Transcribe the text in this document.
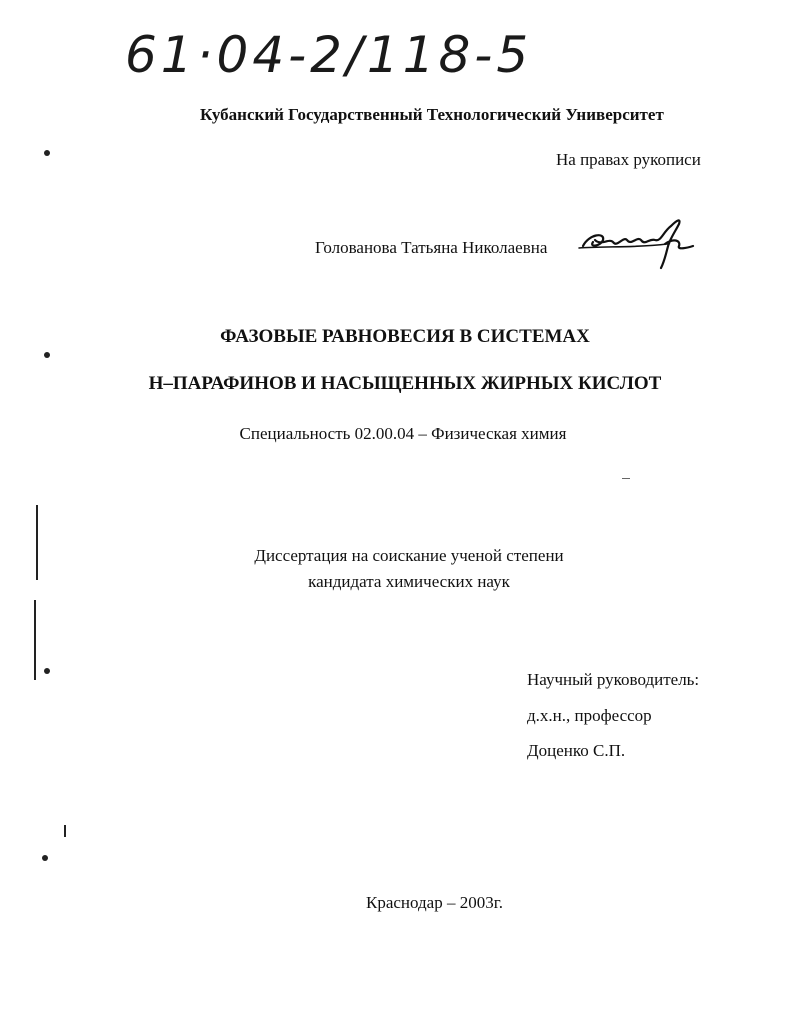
61·04-2/118-5
Кубанский Государственный Технологический Университет
На правах рукописи
Голованова Татьяна Николаевна
ФАЗОВЫЕ РАВНОВЕСИЯ В СИСТЕМАХ
Н–ПАРАФИНОВ И НАСЫЩЕННЫХ ЖИРНЫХ КИСЛОТ
Специальность 02.00.04 – Физическая химия
Диссертация на соискание ученой степени
кандидата химических наук
Научный руководитель:
д.х.н., профессор
Доценко С.П.
Краснодар – 2003г.
